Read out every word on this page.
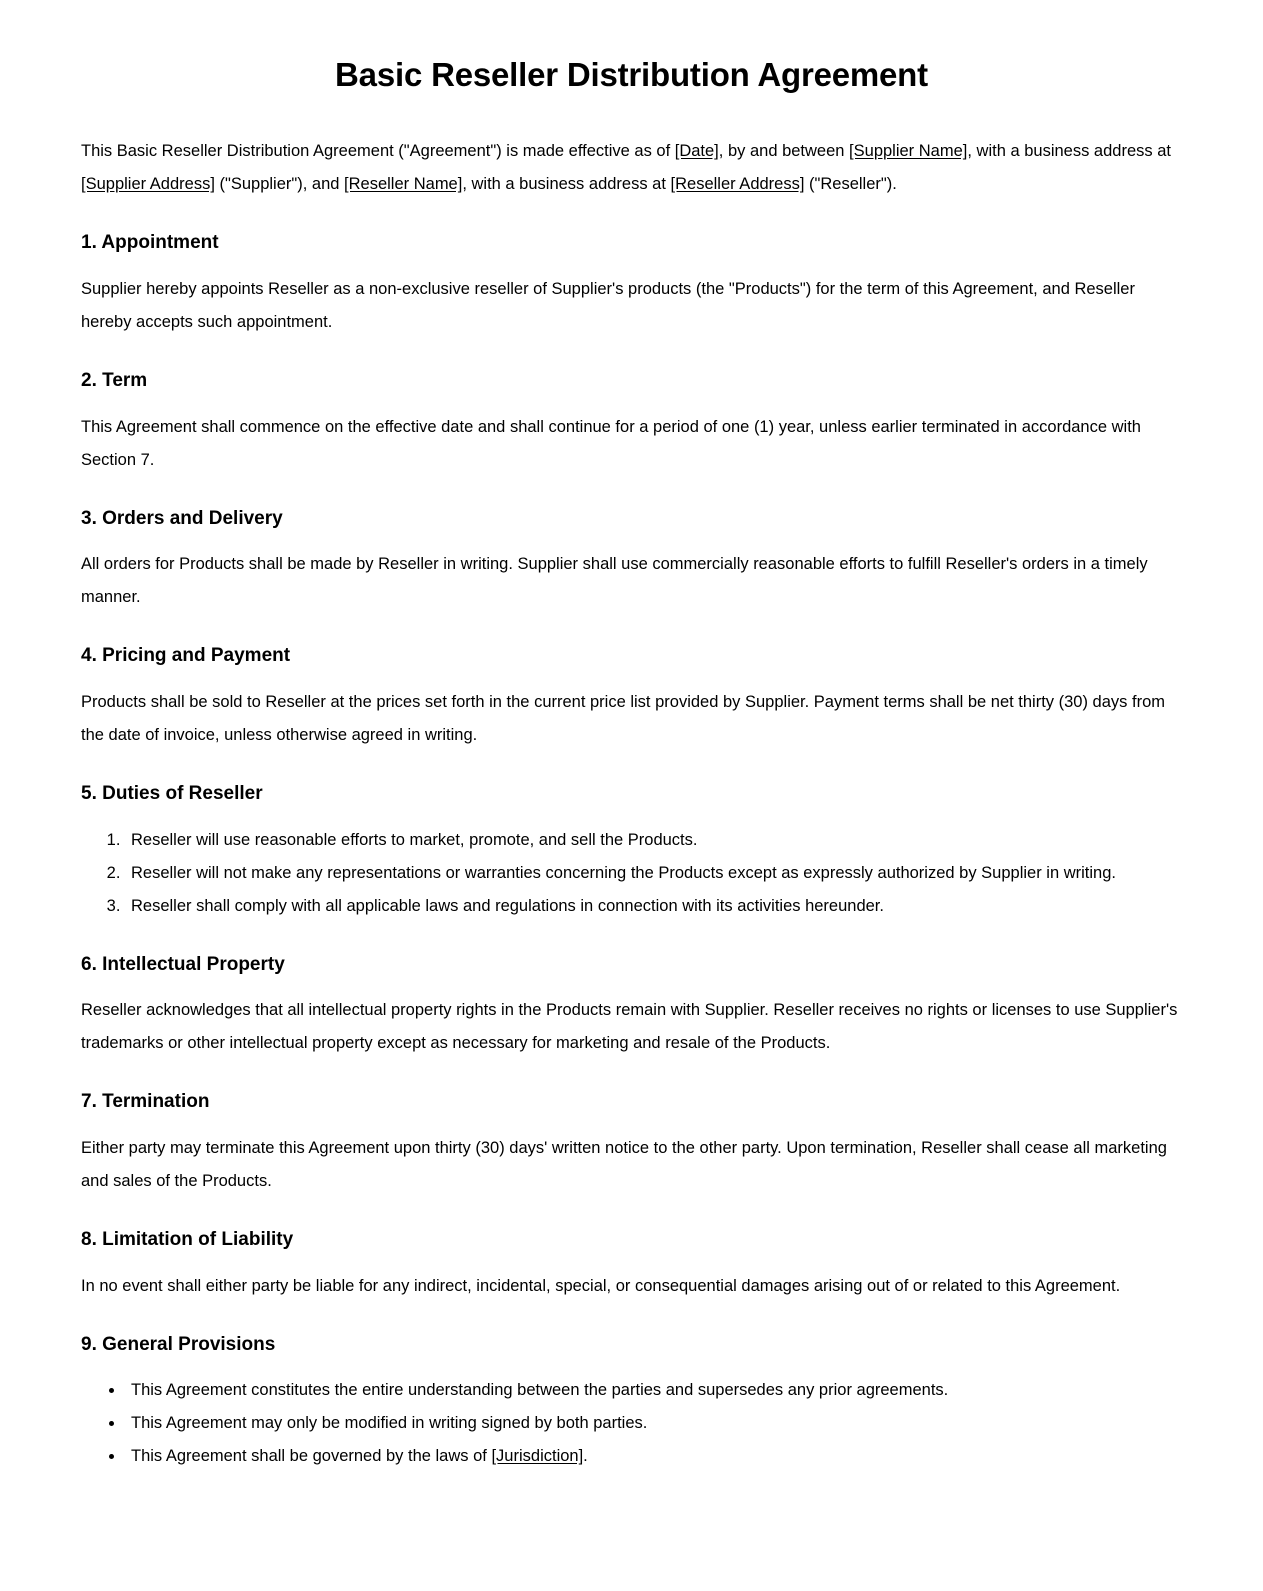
Basic Reseller Distribution Agreement

This Basic Reseller Distribution Agreement ("Agreement") is made effective as of [Date], by and between [Supplier Name], with a business address at [Supplier Address] ("Supplier"), and [Reseller Name], with a business address at [Reseller Address] ("Reseller").

1. Appointment

Supplier hereby appoints Reseller as a non-exclusive reseller of Supplier's products (the "Products") for the term of this Agreement, and Reseller hereby accepts such appointment.

2. Term

This Agreement shall commence on the effective date and shall continue for a period of one (1) year, unless earlier terminated in accordance with Section 7.

3. Orders and Delivery

All orders for Products shall be made by Reseller in writing. Supplier shall use commercially reasonable efforts to fulfill Reseller's orders in a timely manner.

4. Pricing and Payment

Products shall be sold to Reseller at the prices set forth in the current price list provided by Supplier. Payment terms shall be net thirty (30) days from the date of invoice, unless otherwise agreed in writing.

5. Duties of Reseller
1. Reseller will use reasonable efforts to market, promote, and sell the Products.
2. Reseller will not make any representations or warranties concerning the Products except as expressly authorized by Supplier in writing.
3. Reseller shall comply with all applicable laws and regulations in connection with its activities hereunder.
6. Intellectual Property

Reseller acknowledges that all intellectual property rights in the Products remain with Supplier. Reseller receives no rights or licenses to use Supplier's trademarks or other intellectual property except as necessary for marketing and resale of the Products.

7. Termination

Either party may terminate this Agreement upon thirty (30) days' written notice to the other party. Upon termination, Reseller shall cease all marketing and sales of the Products.

8. Limitation of Liability

In no event shall either party be liable for any indirect, incidental, special, or consequential damages arising out of or related to this Agreement.

9. General Provisions
• This Agreement constitutes the entire understanding between the parties and supersedes any prior agreements.
• This Agreement may only be modified in writing signed by both parties.
• This Agreement shall be governed by the laws of [Jurisdiction].
